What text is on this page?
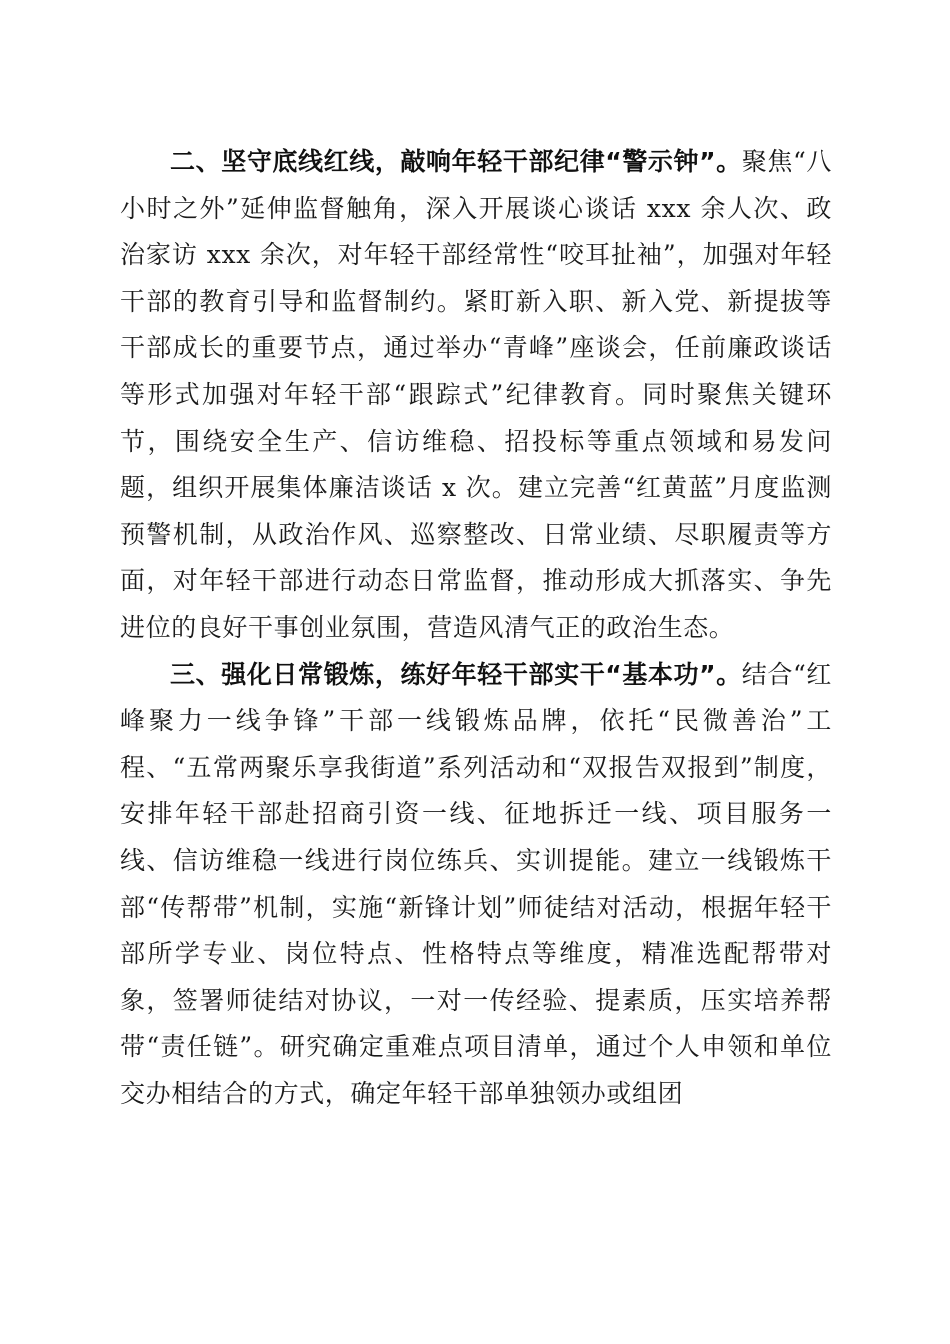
二、坚守底线红线，敲响年轻干部纪律“警示钟”。聚焦“八小时之外”延伸监督触角，深入开展谈心谈话 xxx 余人次、政治家访 xxx 余次，对年轻干部经常性“咬耳扯袖”，加强对年轻干部的教育引导和监督制约。紧盯新入职、新入党、新提拔等干部成长的重要节点，通过举办“青峰”座谈会，任前廉政谈话等形式加强对年轻干部“跟踪式”纪律教育。同时聚焦关键环节，围绕安全生产、信访维稳、招投标等重点领域和易发问题，组织开展集体廉洁谈话 x 次。建立完善“红黄蓝”月度监测预警机制，从政治作风、巡察整改、日常业绩、尽职履责等方面，对年轻干部进行动态日常监督，推动形成大抓落实、争先进位的良好干事创业氛围，营造风清气正的政治生态。

三、强化日常锻炼，练好年轻干部实干“基本功”。结合“红峰聚力一线争锋”干部一线锻炼品牌，依托“民微善治”工程、“五常两聚乐享我街道”系列活动和“双报告双报到”制度，安排年轻干部赴招商引资一线、征地拆迁一线、项目服务一线、信访维稳一线进行岗位练兵、实训提能。建立一线锻炼干部“传帮带”机制，实施“新锋计划”师徒结对活动，根据年轻干部所学专业、岗位特点、性格特点等维度，精准选配帮带对象，签署师徒结对协议，一对一传经验、提素质，压实培养帮带“责任链”。研究确定重难点项目清单，通过个人申领和单位交办相结合的方式，确定年轻干部单独领办或组团
